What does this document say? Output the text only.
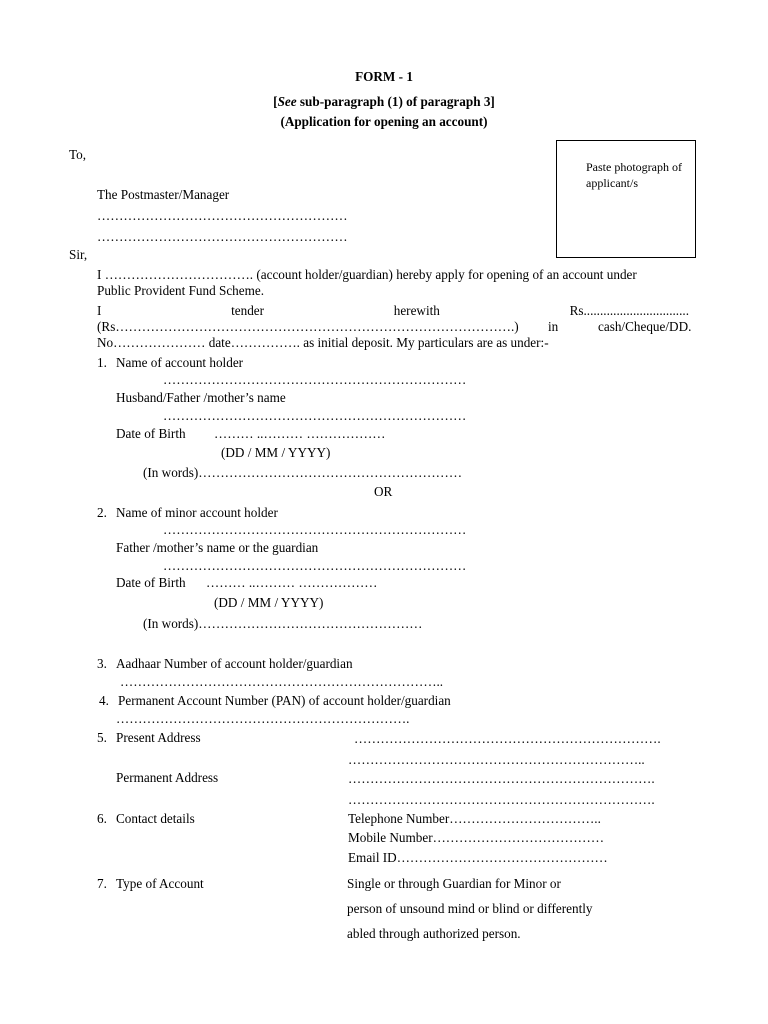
FORM - 1
[See sub-paragraph (1) of paragraph 3]
(Application for opening an account)
Paste photograph of applicant/s
To,
The Postmaster/Manager
…………………………………………………
…………………………………………………
Sir,
I ……………………………. (account holder/guardian) hereby apply for opening of an account under
Public Provident Fund Scheme.
I	tender	herewith	Rs................................
(Rs……………………………………………………………………………….) in	cash/Cheque/DD.
No………………… date……………. as initial deposit. My particulars are as under:-
1. Name of account holder
……………………………………………………………
Husband/Father /mother’s name
……………………………………………………………
Date of Birth ……… ..……… ………………
(DD / MM / YYYY)
(In words)……………………………………………………
OR
2. Name of minor account holder
……………………………………………………………
Father /mother’s name or the guardian
……………………………………………………………
Date of Birth ……… ..……… ………………
(DD / MM / YYYY)
(In words)……………………………………………
3. Aadhaar Number of account holder/guardian
………………………………………………………………..
4. Permanent Account Number (PAN) of account holder/guardian
………………………………………………………….
5. Present Address	…………………………………………………………….
…………………………………………………………..
Permanent Address	…………………………………………………………….
…………………………………………………………….
6. Contact details	Telephone Number……………………………..
Mobile Number…………………………………
Email ID…………………………………………
7. Type of Account	Single or through Guardian for Minor or
person of unsound mind or blind or differently
abled through authorized person.
